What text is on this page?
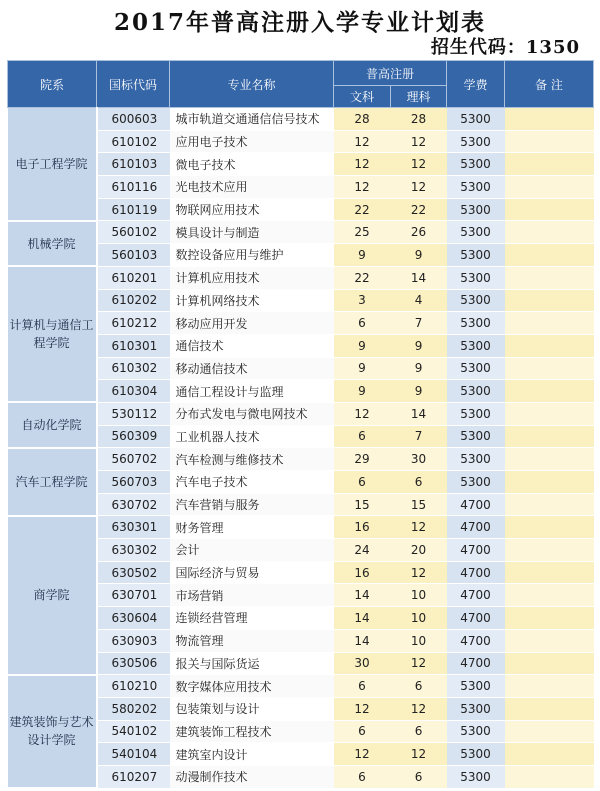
2017年普高注册入学专业计划表
招生代码：1350
院系	国标代码	专业名称	普高注册		学费	备 注
			文科	理科		
电子工程学院	600603	城市轨道交通通信信号技术	28	28	5300	
	610102	应用电子技术	12	12	5300	
	610103	微电子技术	12	12	5300	
	610116	光电技术应用	12	12	5300	
	610119	物联网应用技术	22	22	5300	
机械学院	560102	模具设计与制造	25	26	5300	
	560103	数控设备应用与维护	9	9	5300	
计算机与通信工程学院	610201	计算机应用技术	22	14	5300	
	610202	计算机网络技术	3	4	5300	
	610212	移动应用开发	6	7	5300	
	610301	通信技术	9	9	5300	
	610302	移动通信技术	9	9	5300	
	610304	通信工程设计与监理	9	9	5300	
自动化学院	530112	分布式发电与微电网技术	12	14	5300	
	560309	工业机器人技术	6	7	5300	
汽车工程学院	560702	汽车检测与维修技术	29	30	5300	
	560703	汽车电子技术	6	6	5300	
	630702	汽车营销与服务	15	15	4700	
商学院	630301	财务管理	16	12	4700	
	630302	会计	24	20	4700	
	630502	国际经济与贸易	16	12	4700	
	630701	市场营销	14	10	4700	
	630604	连锁经营管理	14	10	4700	
	630903	物流管理	14	10	4700	
	630506	报关与国际货运	30	12	4700	
建筑装饰与艺术设计学院	610210	数字媒体应用技术	6	6	5300	
	580202	包装策划与设计	12	12	5300	
	540102	建筑装饰工程技术	6	6	5300	
	540104	建筑室内设计	12	12	5300	
	610207	动漫制作技术	6	6	5300	
